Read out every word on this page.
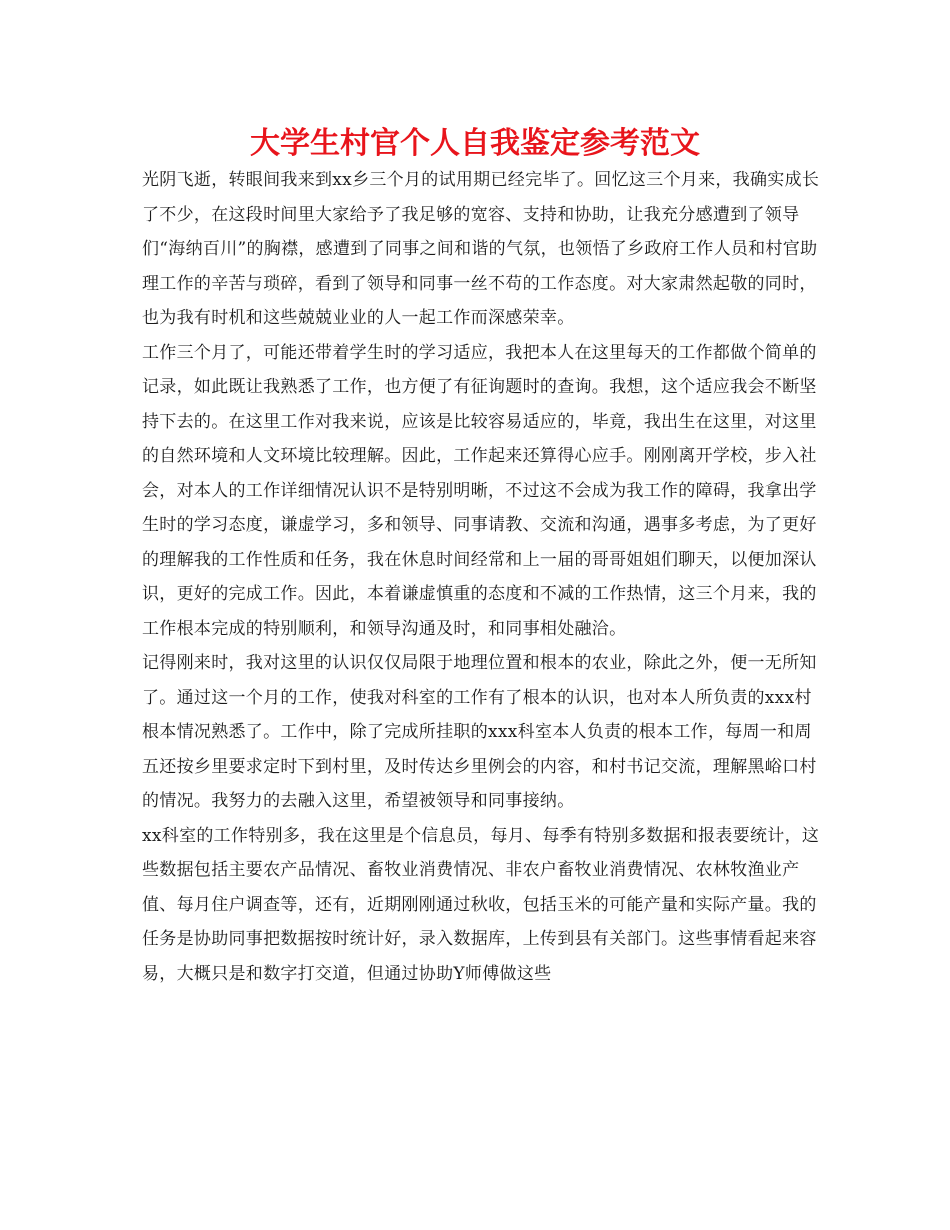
大学生村官个人自我鉴定参考范文

光阴飞逝，转眼间我来到xx乡三个月的试用期已经完毕了。回忆这三个月来，我确实成长了不少，在这段时间里大家给予了我足够的宽容、支持和协助，让我充分感遭到了领导们“海纳百川”的胸襟，感遭到了同事之间和谐的气氛，也领悟了乡政府工作人员和村官助理工作的辛苦与琐碎，看到了领导和同事一丝不苟的工作态度。对大家肃然起敬的同时，也为我有时机和这些兢兢业业的人一起工作而深感荣幸。

工作三个月了，可能还带着学生时的学习适应，我把本人在这里每天的工作都做个简单的记录，如此既让我熟悉了工作，也方便了有征询题时的查询。我想，这个适应我会不断坚持下去的。在这里工作对我来说，应该是比较容易适应的，毕竟，我出生在这里，对这里的自然环境和人文环境比较理解。因此，工作起来还算得心应手。刚刚离开学校，步入社会，对本人的工作详细情况认识不是特别明晰，不过这不会成为我工作的障碍，我拿出学生时的学习态度，谦虚学习，多和领导、同事请教、交流和沟通，遇事多考虑，为了更好的理解我的工作性质和任务，我在休息时间经常和上一届的哥哥姐姐们聊天，以便加深认识，更好的完成工作。因此，本着谦虚慎重的态度和不减的工作热情，这三个月来，我的工作根本完成的特别顺利，和领导沟通及时，和同事相处融洽。

记得刚来时，我对这里的认识仅仅局限于地理位置和根本的农业，除此之外，便一无所知了。通过这一个月的工作，使我对科室的工作有了根本的认识，也对本人所负责的xxx村根本情况熟悉了。工作中，除了完成所挂职的xxx科室本人负责的根本工作，每周一和周五还按乡里要求定时下到村里，及时传达乡里例会的内容，和村书记交流，理解黑峪口村的情况。我努力的去融入这里，希望被领导和同事接纳。

xx科室的工作特别多，我在这里是个信息员，每月、每季有特别多数据和报表要统计，这些数据包括主要农产品情况、畜牧业消费情况、非农户畜牧业消费情况、农林牧渔业产值、每月住户调查等，还有，近期刚刚通过秋收，包括玉米的可能产量和实际产量。我的任务是协助同事把数据按时统计好，录入数据库，上传到县有关部门。这些事情看起来容易，大概只是和数字打交道，但通过协助Y师傅做这些
